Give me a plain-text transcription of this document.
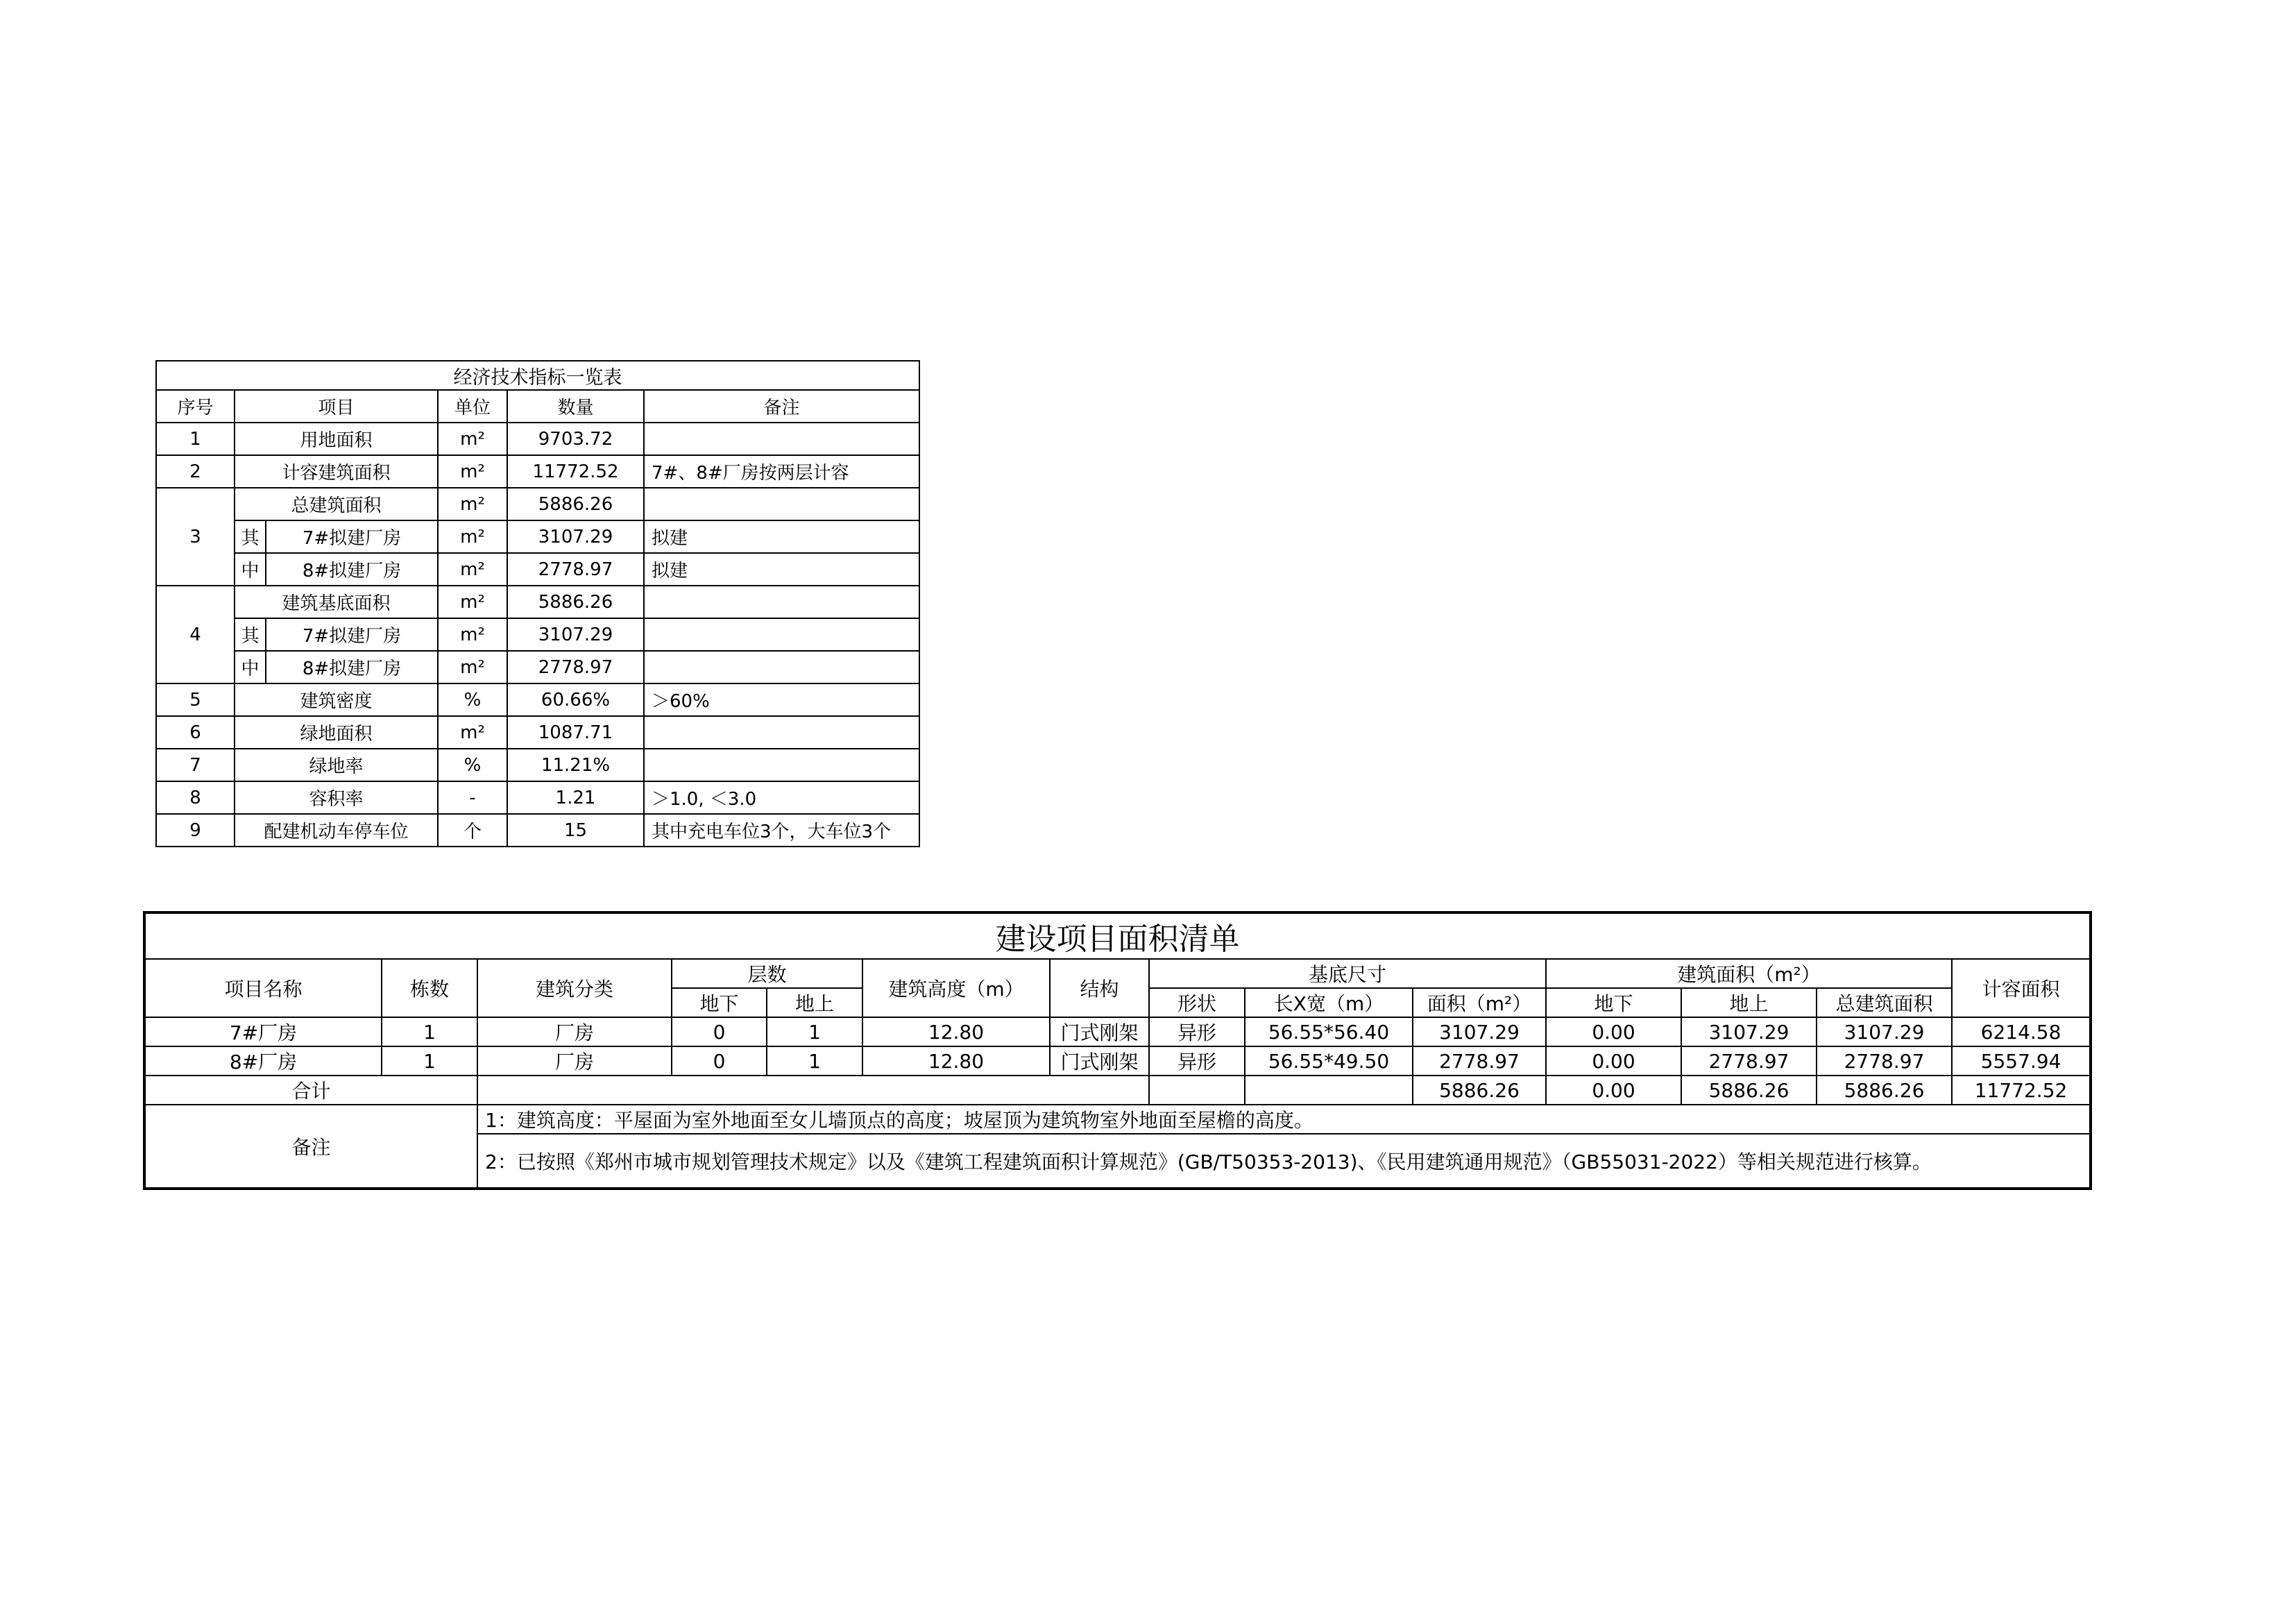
经济技术指标一览表					
序号	项目		单位	数量	备注
1	用地面积		m²	9703.72	
2	计容建筑面积		m²	11772.52	7#、8#厂房按两层计容
3	总建筑面积		m²	5886.26	
	其	7#拟建厂房	m²	3107.29	拟建
	中	8#拟建厂房	m²	2778.97	拟建
4	建筑基底面积		m²	5886.26	
	其	7#拟建厂房	m²	3107.29	
	中	8#拟建厂房	m²	2778.97	
5	建筑密度		%	60.66%	＞60%
6	绿地面积		m²	1087.71	
7	绿地率		%	11.21%	
8	容积率		-	1.21	＞1.0, ＜3.0
9	配建机动车停车位		个	15	其中充电车位3个，大车位3个
建设项目面积清单													
项目名称	栋数	建筑分类	层数		建筑高度（m）	结构	基底尺寸			建筑面积（m²）			计容面积
			地下	地上			形状	长X宽（m）	面积（m²）	地下	地上	总建筑面积	
7#厂房	1	厂房	0	1	12.80	门式刚架	异形	56.55*56.40	3107.29	0.00	3107.29	3107.29	6214.58
8#厂房	1	厂房	0	1	12.80	门式刚架	异形	56.55*49.50	2778.97	0.00	2778.97	2778.97	5557.94
合计									5886.26	0.00	5886.26	5886.26	11772.52
备注		1：建筑高度：平屋面为室外地面至女儿墙顶点的高度；坡屋顶为建筑物室外地面至屋檐的高度。											
		2：已按照《郑州市城市规划管理技术规定》以及《建筑工程建筑面积计算规范》(GB/T50353-2013)、《民用建筑通用规范》（GB55031-2022）等相关规范进行核算。											
